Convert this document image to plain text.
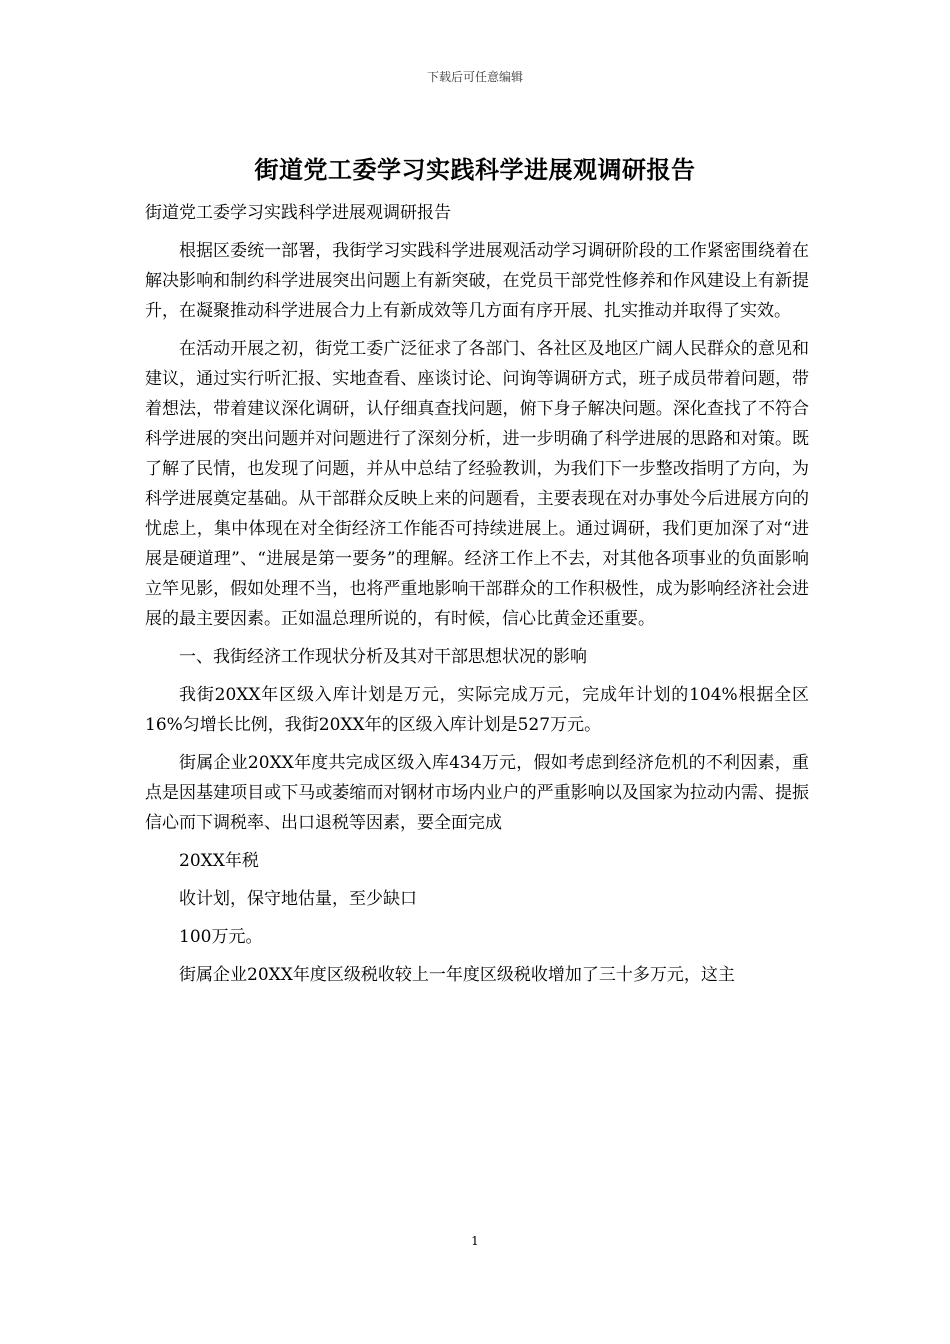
下载后可任意编辑
街道党工委学习实践科学进展观调研报告

街道党工委学习实践科学进展观调研报告

根据区委统一部署，我街学习实践科学进展观活动学习调研阶段的工作紧密围绕着在解决影响和制约科学进展突出问题上有新突破，在党员干部党性修养和作风建设上有新提升，在凝聚推动科学进展合力上有新成效等几方面有序开展、扎实推动并取得了实效。

在活动开展之初，街党工委广泛征求了各部门、各社区及地区广阔人民群众的意见和建议，通过实行听汇报、实地查看、座谈讨论、问询等调研方式，班子成员带着问题，带着想法，带着建议深化调研，认仔细真查找问题，俯下身子解决问题。深化查找了不符合科学进展的突出问题并对问题进行了深刻分析，进一步明确了科学进展的思路和对策。既了解了民情，也发现了问题，并从中总结了经验教训，为我们下一步整改指明了方向，为科学进展奠定基础。从干部群众反映上来的问题看，主要表现在对办事处今后进展方向的忧虑上，集中体现在对全街经济工作能否可持续进展上。通过调研，我们更加深了对“进展是硬道理”、“进展是第一要务”的理解。经济工作上不去，对其他各项事业的负面影响立竿见影，假如处理不当，也将严重地影响干部群众的工作积极性，成为影响经济社会进展的最主要因素。正如温总理所说的，有时候，信心比黄金还重要。

一、我街经济工作现状分析及其对干部思想状况的影响

我街20XX年区级入库计划是万元，实际完成万元，完成年计划的104%根据全区16%匀增长比例，我街20XX年的区级入库计划是527万元。

街属企业20XX年度共完成区级入库434万元，假如考虑到经济危机的不利因素，重点是因基建项目或下马或萎缩而对钢材市场内业户的严重影响以及国家为拉动内需、提振信心而下调税率、出口退税等因素，要全面完成

20XX年税

收计划，保守地估量，至少缺口

100万元。

街属企业20XX年度区级税收较上一年度区级税收增加了三十多万元，这主

1
